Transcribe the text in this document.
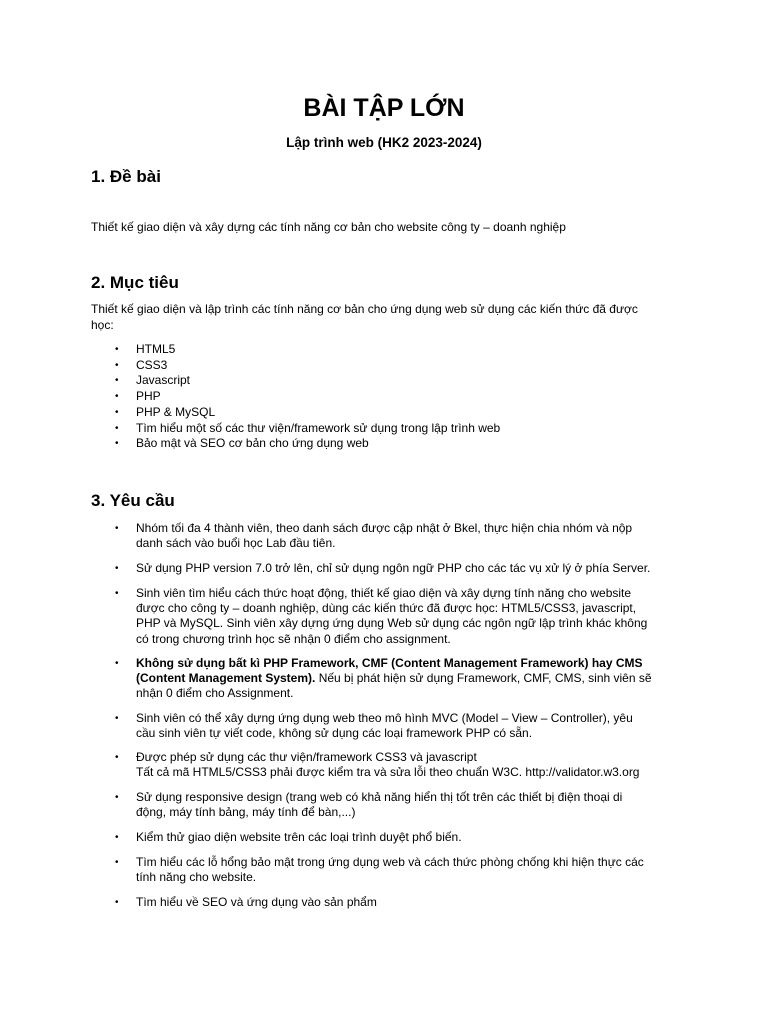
BÀI TẬP LỚN
Lập trình web (HK2 2023-2024)
1. Đề bài
Thiết kế giao diện và xây dựng các tính năng cơ bản cho website công ty – doanh nghiệp
2. Mục tiêu
Thiết kế giao diện và lập trình các tính năng cơ bản cho ứng dụng web sử dụng các kiến thức đã được
học:
• HTML5
• CSS3
• Javascript
• PHP
• PHP & MySQL
• Tìm hiểu một số các thư viện/framework sử dụng trong lập trình web
• Bảo mật và SEO cơ bản cho ứng dụng web
3. Yêu cầu
• Nhóm tối đa 4 thành viên, theo danh sách được cập nhật ở Bkel, thực hiện chia nhóm và nộp
danh sách vào buổi học Lab đầu tiên.
• Sử dụng PHP version 7.0 trở lên, chỉ sử dụng ngôn ngữ PHP cho các tác vụ xử lý ở phía Server.
• Sinh viên tìm hiểu cách thức hoạt động, thiết kế giao diện và xây dựng tính năng cho website
được cho công ty – doanh nghiệp, dùng các kiến thức đã được học: HTML5/CSS3, javascript,
PHP và MySQL. Sinh viên xây dựng ứng dụng Web sử dụng các ngôn ngữ lập trình khác không
có trong chương trình học sẽ nhận 0 điểm cho assignment.
• Không sử dụng bất kì PHP Framework, CMF (Content Management Framework) hay CMS
(Content Management System). Nếu bị phát hiện sử dụng Framework, CMF, CMS, sinh viên sẽ
nhận 0 điểm cho Assignment.
• Sinh viên có thể xây dựng ứng dụng web theo mô hình MVC (Model – View – Controller), yêu
cầu sinh viên tự viết code, không sử dụng các loại framework PHP có sẵn.
• Được phép sử dụng các thư viện/framework CSS3 và javascript
Tất cả mã HTML5/CSS3 phải được kiểm tra và sửa lỗi theo chuẩn W3C. http://validator.w3.org
• Sử dụng responsive design (trang web có khả năng hiển thị tốt trên các thiết bị điện thoại di
động, máy tính bảng, máy tính để bàn,...)
• Kiểm thử giao diện website trên các loại trình duyệt phổ biến.
• Tìm hiểu các lỗ hổng bảo mật trong ứng dụng web và cách thức phòng chống khi hiện thực các
tính năng cho website.
• Tìm hiểu về SEO và ứng dụng vào sản phẩm
